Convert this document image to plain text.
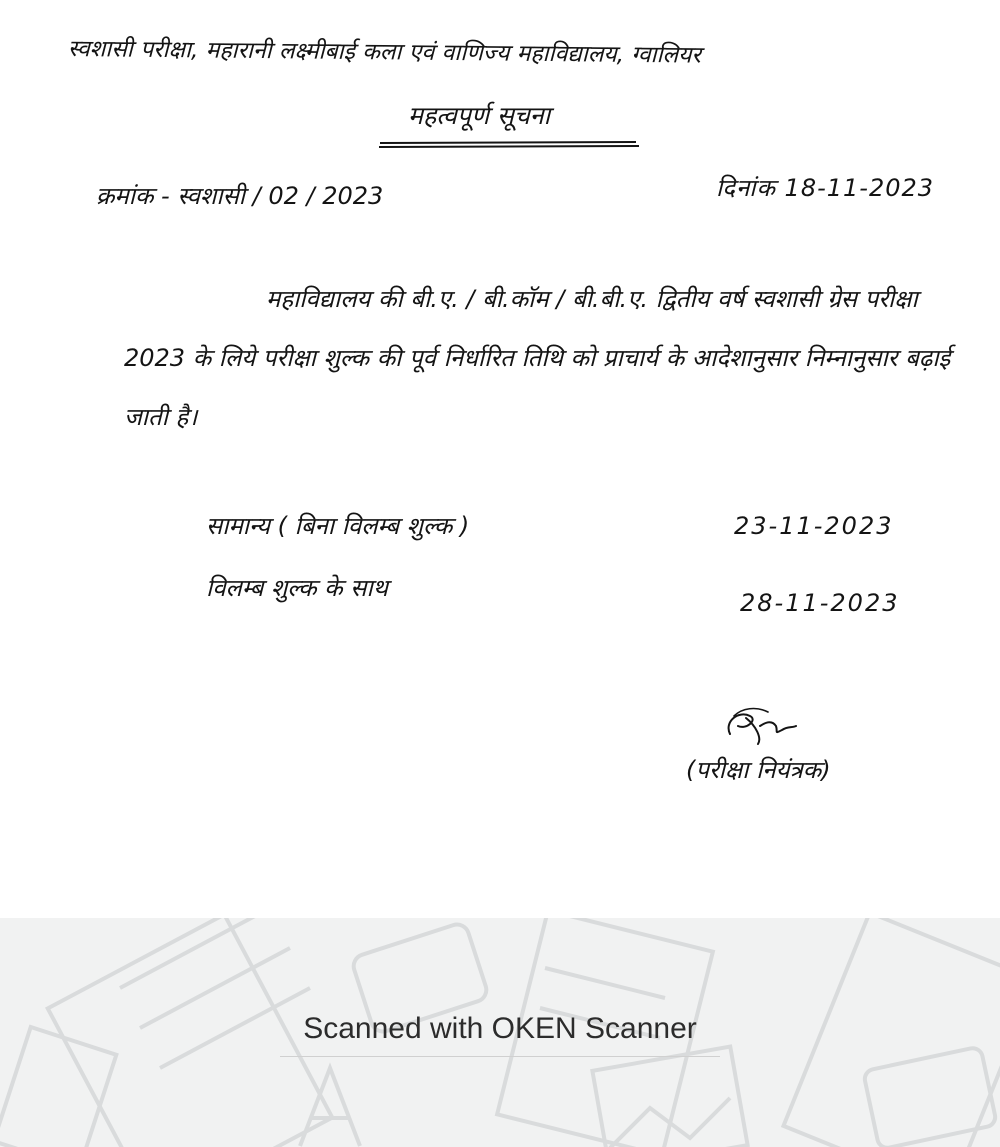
स्वशासी परीक्षा, महारानी लक्ष्मीबाई कला एवं वाणिज्य महाविद्यालय, ग्वालियर

महत्वपूर्ण सूचना

क्रमांक - स्वशासी / 02 / 2023	दिनांक 18-11-2023

महाविद्यालय की बी.ए. / बी.कॉम / बी.बी.ए. द्वितीय वर्ष स्वशासी ग्रेस परीक्षा 2023 के लिये परीक्षा शुल्क की पूर्व निर्धारित तिथि को प्राचार्य के आदेशानुसार निम्नानुसार बढ़ाई जाती है।

सामान्य ( बिना विलम्ब शुल्क )	23-11-2023

विलम्ब शुल्क के साथ

28-11-2023

(परीक्षा नियंत्रक)

Scanned with OKEN Scanner
